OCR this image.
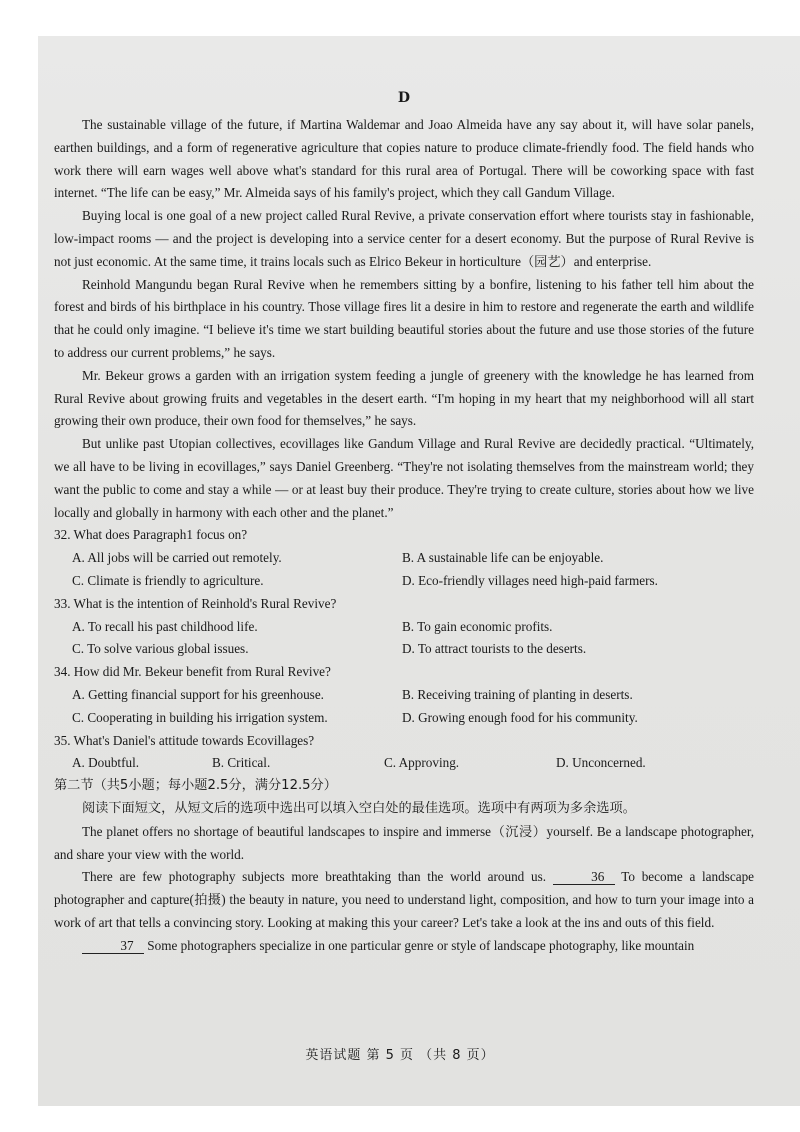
D

The sustainable village of the future, if Martina Waldemar and Joao Almeida have any say about it, will have solar panels, earthen buildings, and a form of regenerative agriculture that copies nature to produce climate-friendly food. The field hands who work there will earn wages well above what's standard for this rural area of Portugal. There will be coworking space with fast internet. “The life can be easy,” Mr. Almeida says of his family's project, which they call Gandum Village.

Buying local is one goal of a new project called Rural Revive, a private conservation effort where tourists stay in fashionable, low-impact rooms — and the project is developing into a service center for a desert economy. But the purpose of Rural Revive is not just economic. At the same time, it trains locals such as Elrico Bekeur in horticulture（园艺）and enterprise.

Reinhold Mangundu began Rural Revive when he remembers sitting by a bonfire, listening to his father tell him about the forest and birds of his birthplace in his country. Those village fires lit a desire in him to restore and regenerate the earth and wildlife that he could only imagine. “I believe it's time we start building beautiful stories about the future and use those stories of the future to address our current problems,” he says.

Mr. Bekeur grows a garden with an irrigation system feeding a jungle of greenery with the knowledge he has learned from Rural Revive about growing fruits and vegetables in the desert earth. “I'm hoping in my heart that my neighborhood will all start growing their own produce, their own food for themselves,” he says.

But unlike past Utopian collectives, ecovillages like Gandum Village and Rural Revive are decidedly practical. “Ultimately, we all have to be living in ecovillages,” says Daniel Greenberg. “They're not isolating themselves from the mainstream world; they want the public to come and stay a while — or at least buy their produce. They're trying to create culture, stories about how we live locally and globally in harmony with each other and the planet.”

32. What does Paragraph1 focus on?

A. All jobs will be carried out remotely.	B. A sustainable life can be enjoyable.
C. Climate is friendly to agriculture.	D. Eco-friendly villages need high-paid farmers.

33. What is the intention of Reinhold's Rural Revive?

A. To recall his past childhood life.	B. To gain economic profits.
C. To solve various global issues.	D. To attract tourists to the deserts.

34. How did Mr. Bekeur benefit from Rural Revive?

A. Getting financial support for his greenhouse.	B. Receiving training of planting in deserts.
C. Cooperating in building his irrigation system.	D. Growing enough food for his community.

35. What's Daniel's attitude towards Ecovillages?

A. Doubtful.	B. Critical.	C. Approving.	D. Unconcerned.

第二节（共5小题；每小题2.5分，满分12.5分）

阅读下面短文，从短文后的选项中选出可以填入空白处的最佳选项。选项中有两项为多余选项。

The planet offers no shortage of beautiful landscapes to inspire and immerse（沉浸）yourself. Be a landscape photographer, and share your view with the world.

There are few photography subjects more breathtaking than the world around us.	36 To become a landscape photographer and capture(拍摄) the beauty in nature, you need to understand light, composition, and how to turn your image into a work of art that tells a convincing story. Looking at making this your career? Let's take a look at the ins and outs of this field.

37 Some photographers specialize in one particular genre or style of landscape photography, like mountain

英语试题 第 5 页 （共 8 页）
